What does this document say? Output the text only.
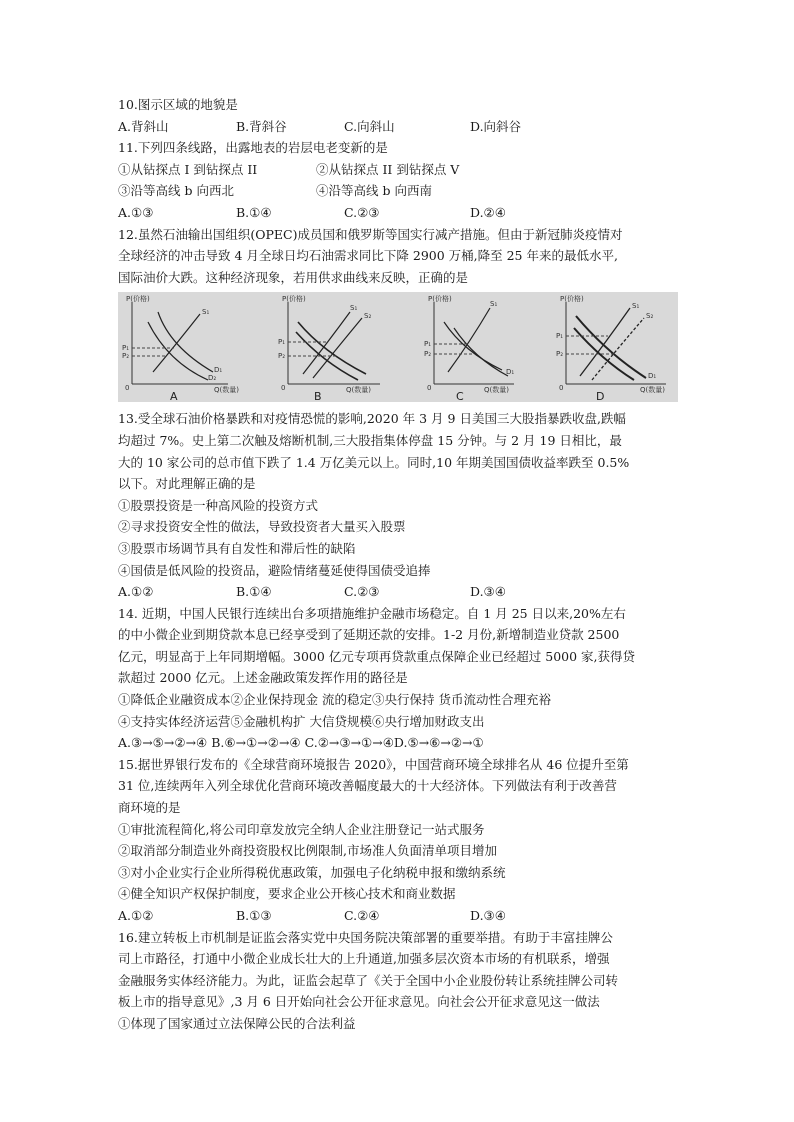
10.图示区域的地貌是
A.背斜山	B.背斜谷	C.向斜山	D.向斜谷
11.下列四条线路，出露地表的岩层电老变新的是
①从钻探点 I 到钻探点 II	②从钻探点 II 到钻探点 V
③沿等高线 b 向西北	④沿等高线 b 向西南
A.①③	B.①④	C.②③	D.②④
12.虽然石油输出国组织(OPEC)成员国和俄罗斯等国实行减产措施。但由于新冠肺炎疫情对
全球经济的冲击导致 4 月全球日均石油需求同比下降 2900 万桶,降至 25 年来的最低水平,
国际油价大跌。这种经济现象，若用供求曲线来反映，正确的是
P(价格)
Q(数量)
0
P₁
P₂
S₁
D₁
D₂
A
P(价格)
Q(数量)
0
P₁
P₂
S₁
S₂
B
P(价格)
Q(数量)
0
P₁
P₂
S₁
D₁
C
P(价格)
Q(数量)
0
P₁
P₂
S₁
S₂
D₁
D
13.受全球石油价格暴跌和对疫情恐慌的影响,2020 年 3 月 9 日美国三大股指暴跌收盘,跌幅
均超过 7%。史上第二次触及熔断机制,三大股指集体停盘 15 分钟。与 2 月 19 日相比，最
大的 10 家公司的总市值下跌了 1.4 万亿美元以上。同时,10 年期美国国债收益率跌至 0.5%
以下。对此理解正确的是
①股票投资是一种高风险的投资方式
②寻求投资安全性的做法，导致投资者大量买入股票
③股票市场调节具有自发性和滞后性的缺陷
④国债是低风险的投资品，避险情绪蔓延使得国债受追捧
A.①②	B.①④	C.②③	D.③④
14. 近期，中国人民银行连续出台多项措施维护金融市场稳定。自 1 月 25 日以来,20%左右
的中小微企业到期贷款本息已经享受到了延期还款的安排。1-2 月份,新增制造业贷款 2500
亿元，明显高于上年同期增幅。3000 亿元专项再贷款重点保障企业已经超过 5000 家,获得贷
款超过 2000 亿元。上述金融政策发挥作用的路径是
①降低企业融资成本②企业保持现金 流的稳定③央行保持 货币流动性合理充裕
④支持实体经济运营⑤金融机构扩 大信贷规模⑥央行增加财政支出
A.③→⑤→②→④ B.⑥→①→②→④ C.②→③→①→④D.⑤→⑥→②→①
15.据世界银行发布的《全球营商环境报告 2020》，中国营商环境全球排名从 46 位提升至第
31 位,连续两年入列全球优化营商环境改善幅度最大的十大经济体。下列做法有利于改善营
商环境的是
①审批流程简化,将公司印章发放完全纳人企业注册登记一站式服务
②取消部分制造业外商投资股权比例限制,市场准人负面清单项目增加
③对小企业实行企业所得税优惠政策，加强电子化纳税申报和缴纳系统
④健全知识产权保护制度，要求企业公开核心技术和商业数据
A.①②	B.①③	C.②④	D.③④
16.建立转板上市机制是证监会落实党中央国务院决策部署的重要举措。有助于丰富挂牌公
司上市路径，打通中小微企业成长壮大的上升通道,加强多层次资本市场的有机联系，增强
金融服务实体经济能力。为此，证监会起草了《关于全国中小企业股份转让系统挂牌公司转
板上市的指导意见》,3 月 6 日开始向社会公开征求意见。向社会公开征求意见这一做法
①体现了国家通过立法保障公民的合法利益
